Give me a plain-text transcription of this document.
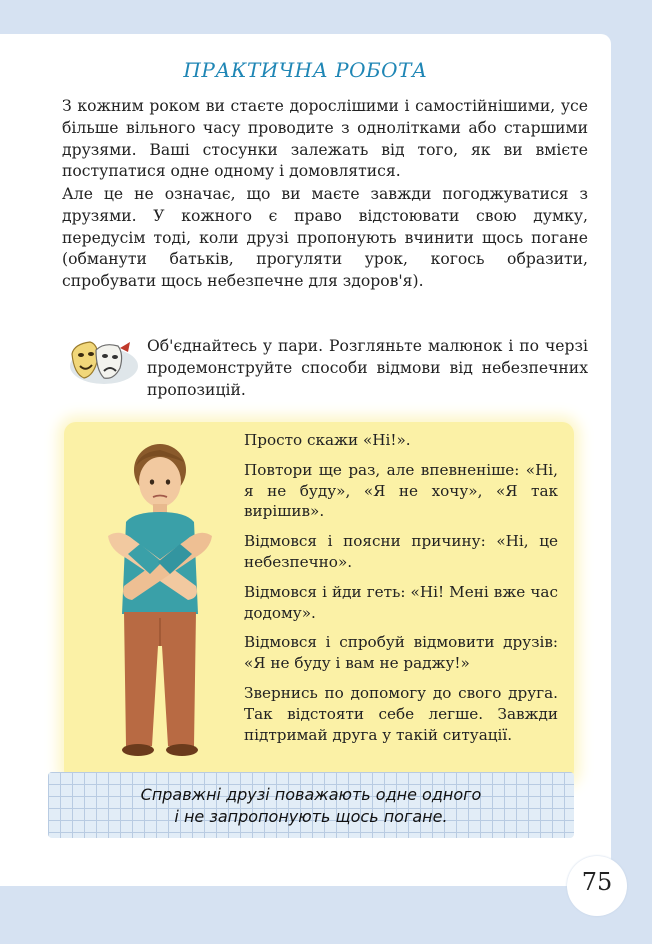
ПРАКТИЧНА РОБОТА

З кожним роком ви стаєте дорослішими і самостійнішими, усе більше вільного часу проводите з однолітками або старшими друзями. Ваші стосунки залежать від того, як ви вмієте поступатися одне одному і домовлятися.

Але це не означає, що ви маєте завжди погоджуватися з друзями. У кожного є право відстоювати свою думку, передусім тоді, коли друзі пропонують вчинити щось погане (обманути батьків, прогуляти урок, когось образити, спробувати щось небезпечне для здоров'я).

Об'єднайтесь у пари. Розгляньте малюнок і по черзі продемонструйте способи відмови від небезпечних пропозицій.

Просто скажи «Ні!».
Повтори ще раз, але впевненіше: «Ні, я не буду», «Я не хочу», «Я так вирішив».
Відмовся і поясни причину: «Ні, це небезпечно».
Відмовся і йди геть: «Ні! Мені вже час додому».
Відмовся і спробуй відмовити друзів: «Я не буду і вам не раджу!»
Звернись по допомогу до свого друга. Так відстояти себе легше. Завжди підтримай друга у такій ситуації.
Справжні друзі поважають одне одного
і не запропонують щось погане.
75
